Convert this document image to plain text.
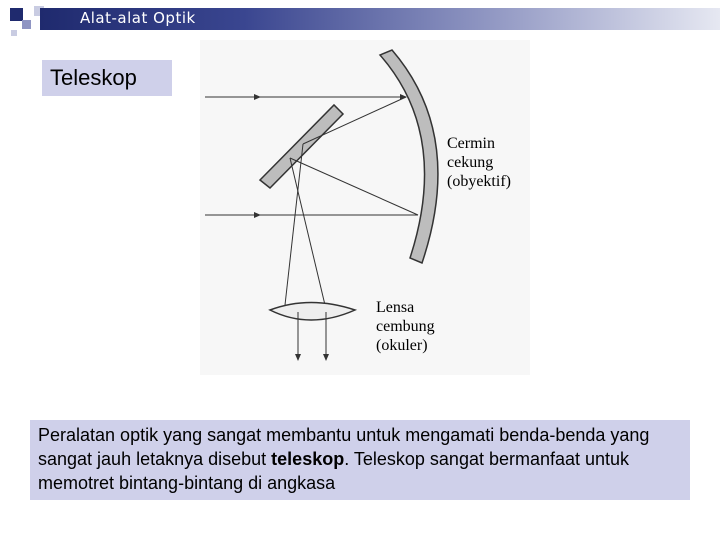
Alat-alat Optik
Teleskop
Cermin
cekung
(obyektif)
Lensa
cembung
(okuler)
Peralatan optik yang sangat membantu untuk mengamati benda-benda yang sangat jauh letaknya disebut teleskop. Teleskop sangat bermanfaat untuk memotret bintang-bintang di angkasa
